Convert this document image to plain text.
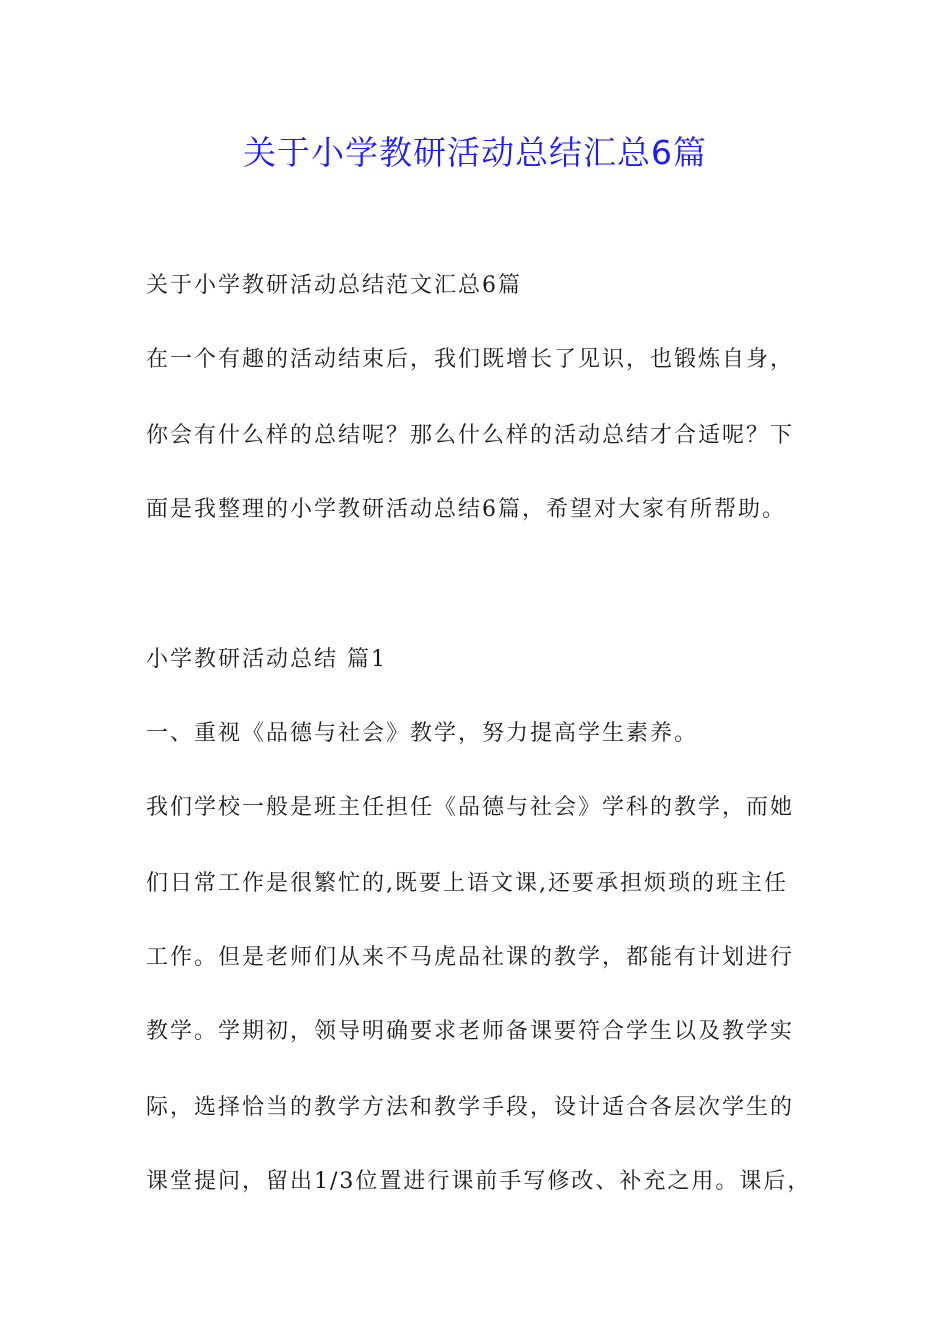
关于小学教研活动总结汇总6篇
关于小学教研活动总结范文汇总6篇
在一个有趣的活动结束后，我们既增长了见识，也锻炼自身，
你会有什么样的总结呢？那么什么样的活动总结才合适呢？下
面是我整理的小学教研活动总结6篇，希望对大家有所帮助。
小学教研活动总结 篇1
一、重视《品德与社会》教学，努力提高学生素养。
我们学校一般是班主任担任《品德与社会》学科的教学，而她
们日常工作是很繁忙的,既要上语文课,还要承担烦琐的班主任
工作。但是老师们从来不马虎品社课的教学，都能有计划进行
教学。学期初，领导明确要求老师备课要符合学生以及教学实
际，选择恰当的教学方法和教学手段，设计适合各层次学生的
课堂提问，留出1/3位置进行课前手写修改、补充之用。课后，
